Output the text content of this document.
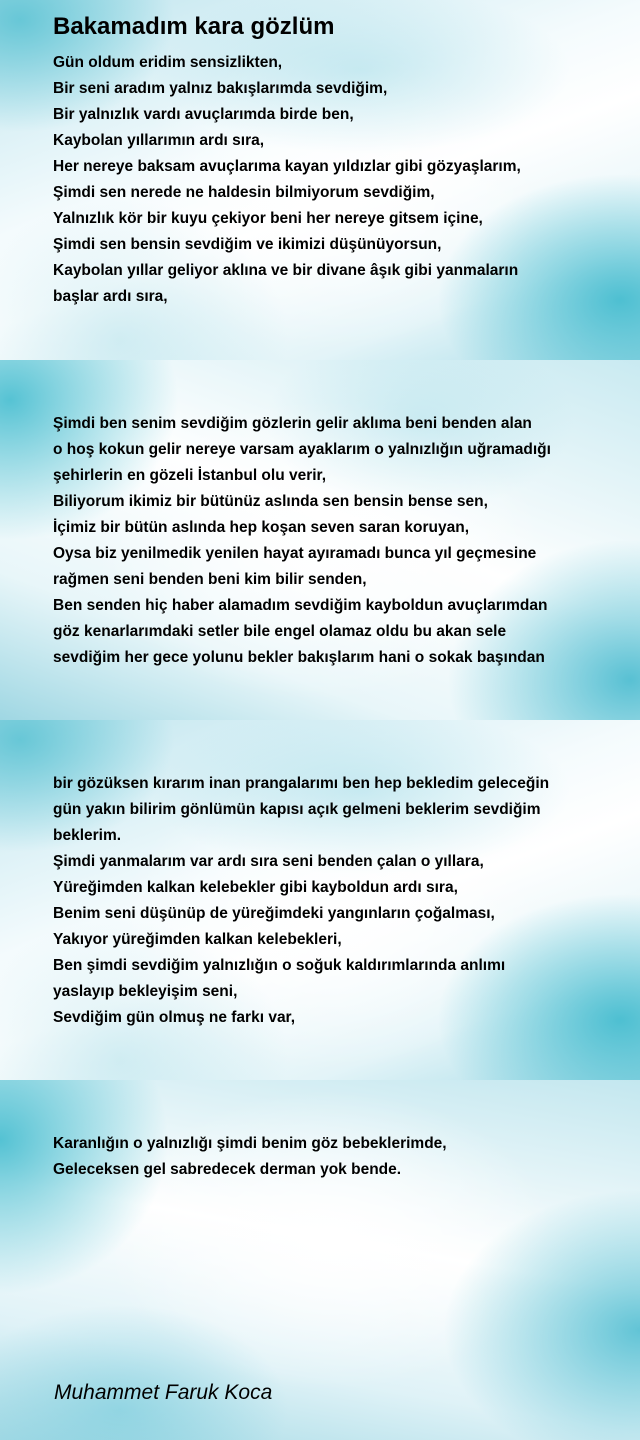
Bakamadım kara gözlüm
Gün oldum eridim sensizlikten,
Bir seni aradım yalnız bakışlarımda sevdiğim,
Bir yalnızlık vardı avuçlarımda birde ben,
Kaybolan yıllarımın ardı sıra,
Her nereye baksam avuçlarıma kayan yıldızlar gibi gözyaşlarım,
Şimdi sen nerede ne haldesin bilmiyorum sevdiğim,
Yalnızlık kör bir kuyu çekiyor beni her nereye gitsem içine,
Şimdi sen bensin sevdiğim ve ikimizi düşünüyorsun,
Kaybolan yıllar geliyor aklına ve bir divane âşık gibi yanmaların
başlar ardı sıra,
Şimdi ben senim sevdiğim gözlerin gelir aklıma beni benden alan
o hoş kokun gelir nereye varsam ayaklarım o yalnızlığın uğramadığı
şehirlerin en gözeli İstanbul olu verir,
Biliyorum ikimiz bir bütünüz aslında sen bensin bense sen,
İçimiz bir bütün aslında hep koşan seven saran koruyan,
Oysa biz yenilmedik yenilen hayat ayıramadı bunca yıl geçmesine
rağmen seni benden beni kim bilir senden,
Ben senden hiç haber alamadım sevdiğim kayboldun avuçlarımdan
göz kenarlarımdaki setler bile engel olamaz oldu bu akan sele
sevdiğim her gece yolunu bekler bakışlarım hani o sokak başından
bir gözüksen kırarım inan prangalarımı ben hep bekledim geleceğin
gün yakın bilirim gönlümün kapısı açık gelmeni beklerim sevdiğim
beklerim.
Şimdi yanmalarım var ardı sıra seni benden çalan o yıllara,
Yüreğimden kalkan kelebekler gibi kayboldun ardı sıra,
Benim seni düşünüp de yüreğimdeki yangınların çoğalması,
Yakıyor yüreğimden kalkan kelebekleri,
Ben şimdi sevdiğim yalnızlığın o soğuk kaldırımlarında anlımı
yaslayıp bekleyişim seni,
Sevdiğim gün olmuş ne farkı var,
Karanlığın o yalnızlığı şimdi benim göz bebeklerimde,
Geleceksen gel sabredecek derman yok bende.

Muhammet Faruk Koca
